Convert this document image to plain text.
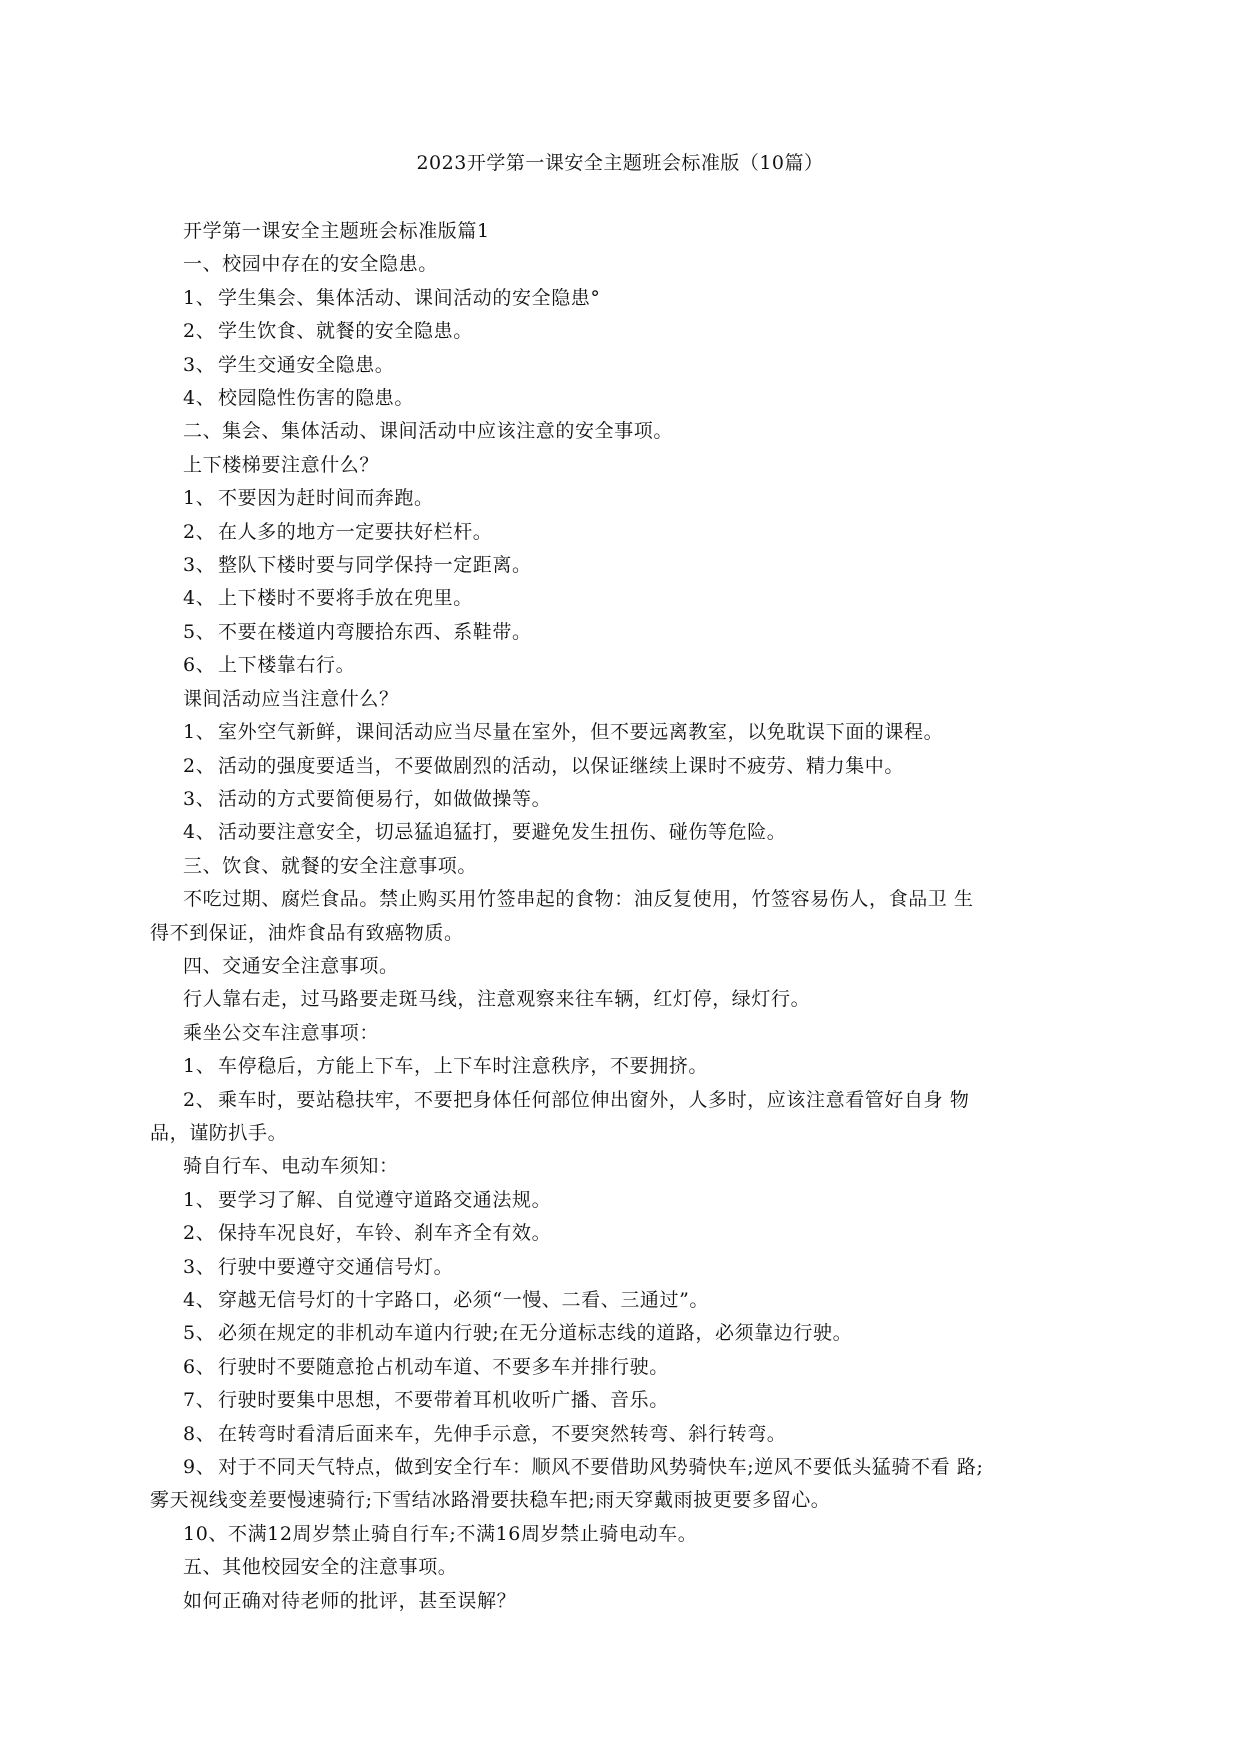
2023开学第一课安全主题班会标准版（10篇）
开学第一课安全主题班会标准版篇1
一、校园中存在的安全隐患。
1、 学生集会、集体活动、课间活动的安全隐患°
2、 学生饮食、就餐的安全隐患。
3、 学生交通安全隐患。
4、 校园隐性伤害的隐患。
二、集会、集体活动、课间活动中应该注意的安全事项。
上下楼梯要注意什么？
1、 不要因为赶时间而奔跑。
2、 在人多的地方一定要扶好栏杆。
3、 整队下楼时要与同学保持一定距离。
4、 上下楼时不要将手放在兜里。
5、 不要在楼道内弯腰拾东西、系鞋带。
6、 上下楼靠右行。
课间活动应当注意什么？
1、 室外空气新鲜，课间活动应当尽量在室外，但不要远离教室，以免耽误下面的课程。
2、 活动的强度要适当，不要做剧烈的活动，以保证继续上课时不疲劳、精力集中。
3、 活动的方式要简便易行，如做做操等。
4、 活动要注意安全，切忌猛追猛打，要避免发生扭伤、碰伤等危险。
三、饮食、就餐的安全注意事项。
不吃过期、腐烂食品。禁止购买用竹签串起的食物：油反复使用，竹签容易伤人，食品卫 生
得不到保证，油炸食品有致癌物质。
四、交通安全注意事项。
行人靠右走，过马路要走斑马线，注意观察来往车辆，红灯停，绿灯行。
乘坐公交车注意事项：
1、 车停稳后，方能上下车，上下车时注意秩序，不要拥挤。
2、 乘车时，要站稳扶牢，不要把身体任何部位伸出窗外，人多时，应该注意看管好自身 物
品，谨防扒手。
骑自行车、电动车须知：
1、 要学习了解、自觉遵守道路交通法规。
2、 保持车况良好，车铃、刹车齐全有效。
3、 行驶中要遵守交通信号灯。
4、 穿越无信号灯的十字路口，必须“一慢、二看、三通过”。
5、 必须在规定的非机动车道内行驶;在无分道标志线的道路，必须靠边行驶。
6、 行驶时不要随意抢占机动车道、不要多车并排行驶。
7、 行驶时要集中思想，不要带着耳机收听广播、音乐。
8、 在转弯时看清后面来车，先伸手示意，不要突然转弯、斜行转弯。
9、 对于不同天气特点，做到安全行车：顺风不要借助风势骑快车;逆风不要低头猛骑不看 路;
雾天视线变差要慢速骑行;下雪结冰路滑要扶稳车把;雨天穿戴雨披更要多留心。
10、不满12周岁禁止骑自行车;不满16周岁禁止骑电动车。
五、其他校园安全的注意事项。
如何正确对待老师的批评，甚至误解？
